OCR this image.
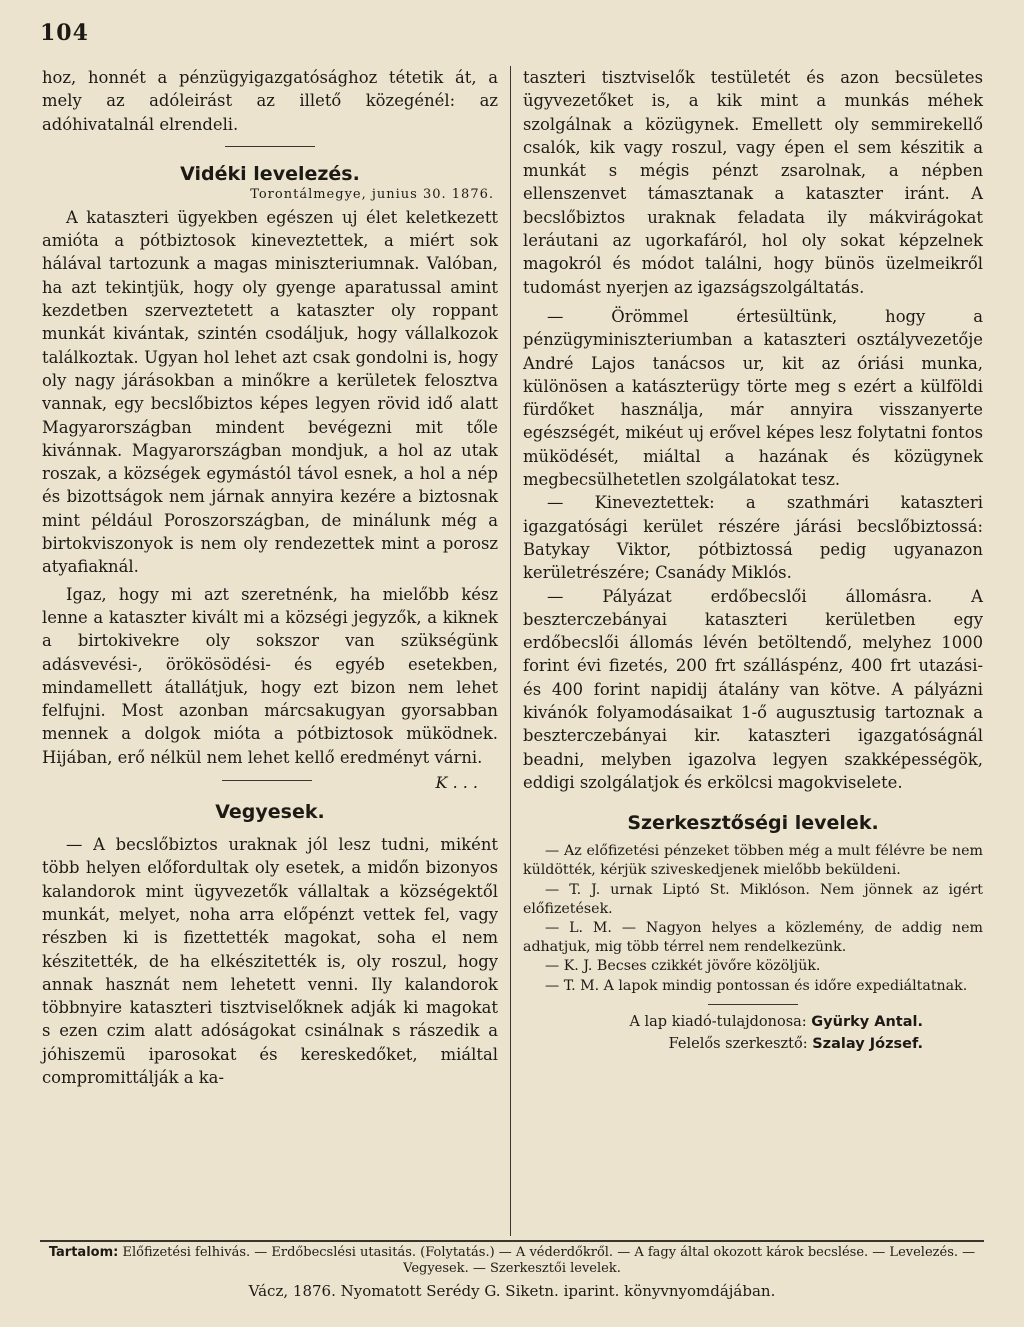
104

hoz, honnét a pénzügyigazgatósághoz tétetik át, a mely az adóleirást az illető közegénél: az adóhivatalnál elrendeli.

Vidéki levelezés.

Torontálmegye, junius 30. 1876.

A kataszteri ügyekben egészen uj élet keletkezett amióta a pótbiztosok kineveztettek, a miért sok hálával tartozunk a magas miniszteriumnak. Valóban, ha azt tekintjük, hogy oly gyenge aparatussal amint kezdetben szerveztetett a kataszter oly roppant munkát kivántak, szintén csodáljuk, hogy vállalkozok találkoztak. Ugyan hol lehet azt csak gondolni is, hogy oly nagy járásokban a minőkre a kerületek felosztva vannak, egy becslőbiztos képes legyen rövid idő alatt Magyarországban mindent bevégezni mit tőle kivánnak. Magyarországban mondjuk, a hol az utak roszak, a községek egymástól távol esnek, a hol a nép és bizottságok nem járnak annyira kezére a biztosnak mint például Poroszországban, de minálunk még a birtokviszonyok is nem oly rendezettek mint a porosz atyafiaknál.

Igaz, hogy mi azt szeretnénk, ha mielőbb kész lenne a kataszter kivált mi a községi jegyzők, a kiknek a birtokivekre oly sokszor van szükségünk adásvevési-, örökösödési- és egyéb esetekben, mindamellett átallátjuk, hogy ezt bizon nem lehet felfujni. Most azonban márcsakugyan gyorsabban mennek a dolgok mióta a pótbiztosok müködnek. Hijában, erő nélkül nem lehet kellő eredményt várni.

K . . .

Vegyesek.

— A becslőbiztos uraknak jól lesz tudni, miként több helyen előfordultak oly esetek, a midőn bizonyos kalandorok mint ügyvezetők vállaltak a községektől munkát, melyet, noha arra előpénzt vettek fel, vagy részben ki is fizettették magokat, soha el nem készitették, de ha elkészitették is, oly roszul, hogy annak hasznát nem lehetett venni. Ily kalandorok többnyire kataszteri tisztviselőknek adják ki magokat s ezen czim alatt adóságokat csinálnak s rászedik a jóhiszemü iparosokat és kereskedőket, miáltal compromittálják a ka-

taszteri tisztviselők testületét és azon becsületes ügyvezetőket is, a kik mint a munkás méhek szolgálnak a közügynek. Emellett oly semmirekellő csalók, kik vagy roszul, vagy épen el sem készitik a munkát s mégis pénzt zsarolnak, a népben ellenszenvet támasztanak a kataszter iránt. A becslőbiztos uraknak feladata ily mákvirágokat leráutani az ugorkafáról, hol oly sokat képzelnek magokról és módot találni, hogy bünös üzelmeikről tudomást nyerjen az igazságszolgáltatás.

— Örömmel értesültünk, hogy a pénzügyminiszteriumban a kataszteri osztályvezetője André Lajos tanácsos ur, kit az óriási munka, különösen a katászterügy törte meg s ezért a külföldi fürdőket használja, már annyira visszanyerte egészségét, mikéut uj erővel képes lesz folytatni fontos müködését, miáltal a hazának és közügynek megbecsülhetetlen szolgálatokat tesz.

— Kineveztettek: a szathmári kataszteri igazgatósági kerület részére járási becslőbiztossá: Batykay Viktor, pótbiztossá pedig ugyanazon kerületrészére; Csanády Miklós.

— Pályázat erdőbecslői állomásra. A beszterczebányai kataszteri kerületben egy erdőbecslői állomás lévén betöltendő, melyhez 1000 forint évi fizetés, 200 frt szálláspénz, 400 frt utazási- és 400 forint napidij átalány van kötve. A pályázni kivánók folyamodásaikat 1-ő augusztusig tartoznak a beszterczebányai kir. kataszteri igazgatóságnál beadni, melyben igazolva legyen szakképességök, eddigi szolgálatjok és erkölcsi magokviselete.

Szerkesztőségi levelek.

— Az előfizetési pénzeket többen még a mult félévre be nem küldötték, kérjük sziveskedjenek mielőbb beküldeni.

— T. J. urnak Liptó St. Miklóson. Nem jönnek az igért előfizetések.

— L. M. — Nagyon helyes a közlemény, de addig nem adhatjuk, mig több térrel nem rendelkezünk.

— K. J. Becses czikkét jövőre közöljük.

— T. M. A lapok mindig pontossan és időre expediáltatnak.

A lap kiadó-tulajdonosa: Gyürky Antal.

Felelős szerkesztő: Szalay József.

Tartalom: Előfizetési felhivás. — Erdőbecslési utasitás. (Folytatás.) — A véderdőkről. — A fagy által okozott károk becslése. — Levelezés. — Vegyesek. — Szerkesztői levelek.
Vácz, 1876. Nyomatott Serédy G. Siketn. iparint. könyvnyomdájában.
